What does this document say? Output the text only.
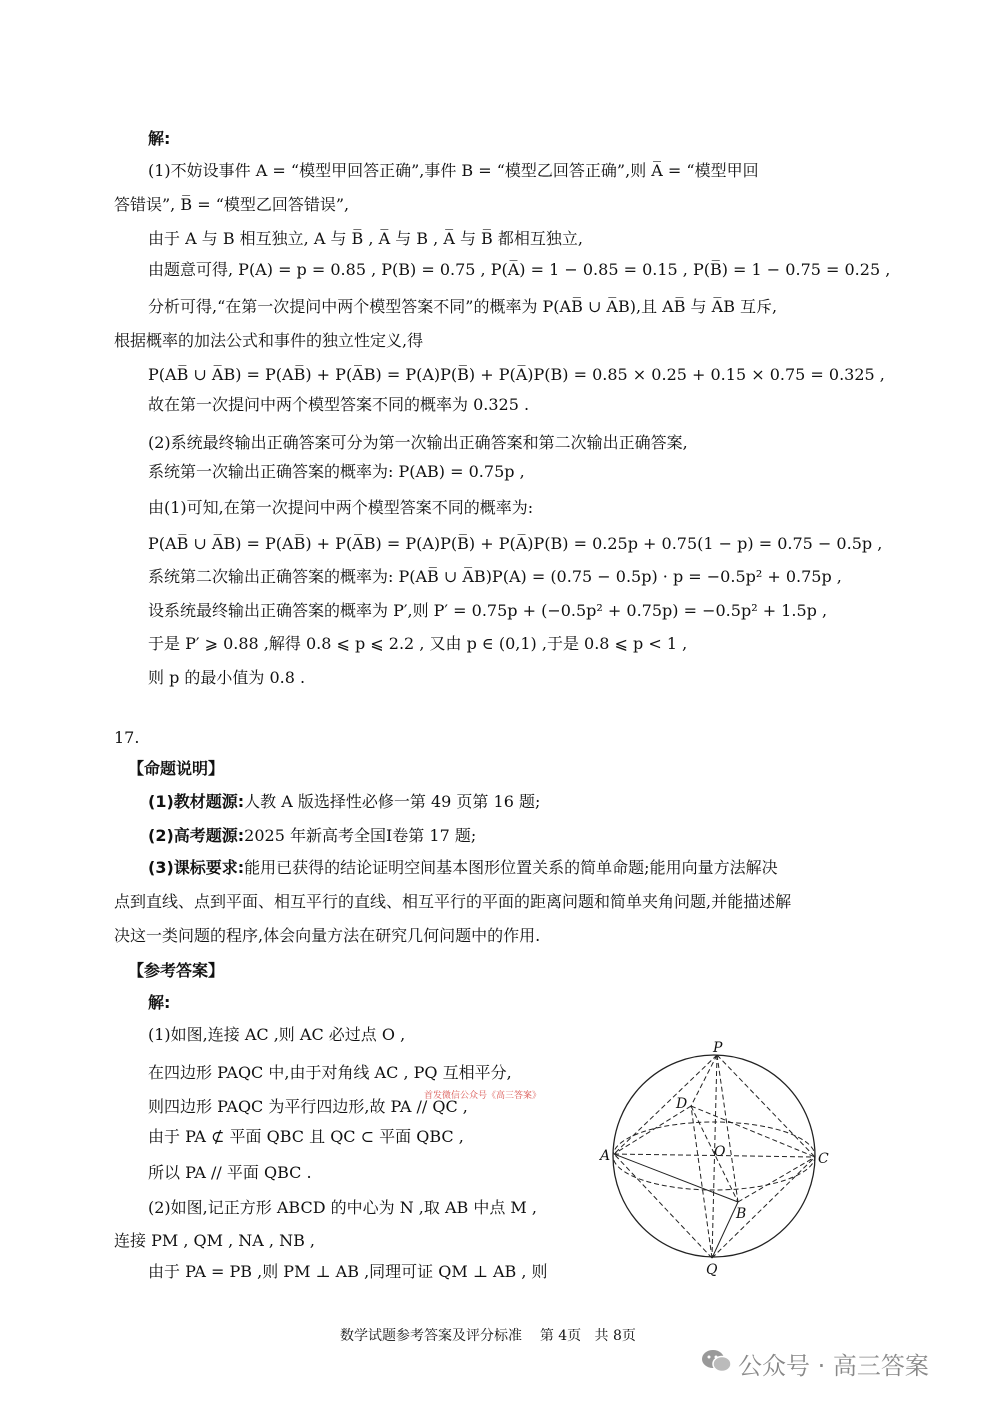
解:
(1)不妨设事件 A = “模型甲回答正确”,事件 B = “模型乙回答正确”,则 A̅ = “模型甲回
答错误”, B̅ = “模型乙回答错误”,
由于 A 与 B 相互独立, A 与 B̅ , A̅ 与 B , A̅ 与 B̅ 都相互独立,
由题意可得, P(A) = p = 0.85 , P(B) = 0.75 , P(A̅) = 1 − 0.85 = 0.15 , P(B̅) = 1 − 0.75 = 0.25 ,
分析可得,“在第一次提问中两个模型答案不同”的概率为 P(AB̅ ∪ A̅B),且 AB̅ 与 A̅B 互斥,
根据概率的加法公式和事件的独立性定义,得
P(AB̅ ∪ A̅B) = P(AB̅) + P(A̅B) = P(A)P(B̅) + P(A̅)P(B) = 0.85 × 0.25 + 0.15 × 0.75 = 0.325 ,
故在第一次提问中两个模型答案不同的概率为 0.325 .
(2)系统最终输出正确答案可分为第一次输出正确答案和第二次输出正确答案,
系统第一次输出正确答案的概率为: P(AB) = 0.75p ,
由(1)可知,在第一次提问中两个模型答案不同的概率为:
P(AB̅ ∪ A̅B) = P(AB̅) + P(A̅B) = P(A)P(B̅) + P(A̅)P(B) = 0.25p + 0.75(1 − p) = 0.75 − 0.5p ,
系统第二次输出正确答案的概率为: P(AB̅ ∪ A̅B)P(A) = (0.75 − 0.5p) · p = −0.5p² + 0.75p ,
设系统最终输出正确答案的概率为 P′,则 P′ = 0.75p + (−0.5p² + 0.75p) = −0.5p² + 1.5p ,
于是 P′ ⩾ 0.88 ,解得 0.8 ⩽ p ⩽ 2.2 , 又由 p ∈ (0,1) ,于是 0.8 ⩽ p < 1 ,
则 p 的最小值为 0.8 .
17.
【命题说明】
(1)教材题源:人教 A 版选择性必修一第 49 页第 16 题;
(2)高考题源:2025 年新高考全国Ⅰ卷第 17 题;
(3)课标要求:能用已获得的结论证明空间基本图形位置关系的简单命题;能用向量方法解决
点到直线、点到平面、相互平行的直线、相互平行的平面的距离问题和简单夹角问题,并能描述解
决这一类问题的程序,体会向量方法在研究几何问题中的作用.
【参考答案】
解:
(1)如图,连接 AC ,则 AC 必过点 O ,
在四边形 PAQC 中,由于对角线 AC , PQ 互相平分,
则四边形 PAQC 为平行四边形,故 PA // QC ,
由于 PA ⊄ 平面 QBC 且 QC ⊂ 平面 QBC ,
所以 PA // 平面 QBC .
(2)如图,记正方形 ABCD 的中心为 N ,取 AB 中点 M ,
连接 PM , QM , NA , NB ,
由于 PA = PB ,则 PM ⊥ AB ,同理可证 QM ⊥ AB , 则
首发微信公众号《高三答案》
P
A	C
D
O
B
Q
数学试题参考答案及评分标准 第 4页 共 8页
公众号 · 高三答案
